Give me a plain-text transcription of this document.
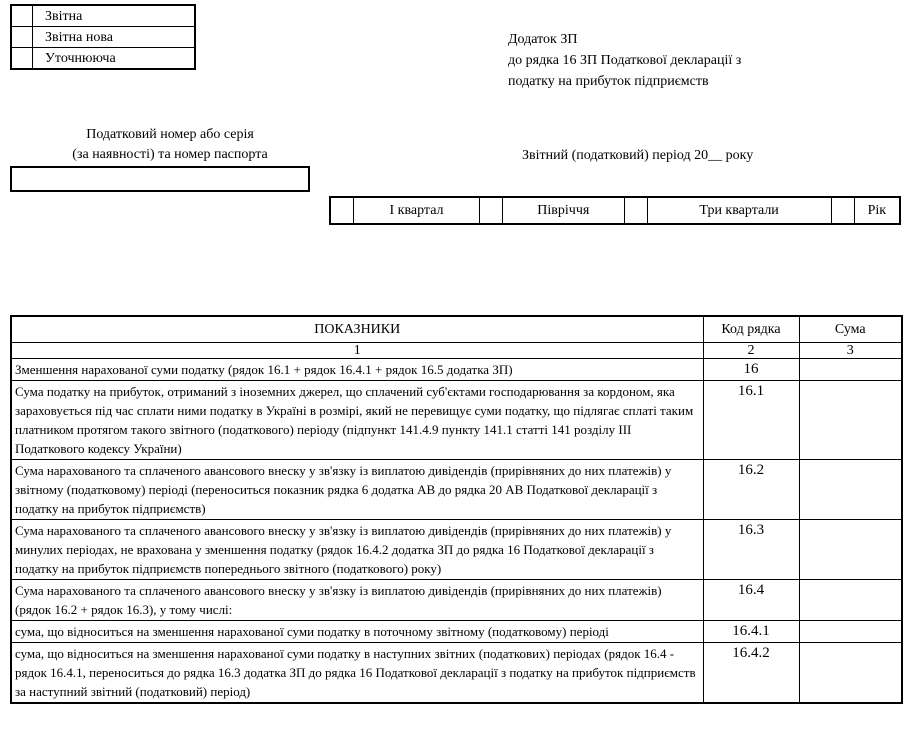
	Звітна
	Звітна нова
	Уточнююча
Додаток ЗП
до рядка 16 ЗП Податкової декларації з
податку на прибуток підприємств
Податковий номер або серія
(за наявності) та номер паспорта	Звітний (податковий) період 20__ року
	I квартал		Півріччя		Три квартали		Рік
ПОКАЗНИКИ	Код рядка	Сума
1	2	3
Зменшення нарахованої суми податку (рядок 16.1 + рядок 16.4.1 + рядок 16.5 додатка ЗП)	16	
Сума податку на прибуток, отриманий з іноземних джерел, що сплачений суб'єктами господарювання за кордоном, яка зараховується під час сплати ними податку в Україні в розмірі, який не перевищує суми податку, що підлягає сплаті таким платником протягом такого звітного (податкового) періоду (підпункт 141.4.9 пункту 141.1 статті 141 розділу III Податкового кодексу України)	16.1	
Сума нарахованого та сплаченого авансового внеску у зв'язку із виплатою дивідендів (прирівняних до них платежів) у звітному (податковому) періоді (переноситься показник рядка 6 додатка АВ до рядка 20 АВ Податкової декларації з податку на прибуток підприємств)	16.2	
Сума нарахованого та сплаченого авансового внеску у зв'язку із виплатою дивідендів (прирівняних до них платежів) у минулих періодах, не врахована у зменшення податку (рядок 16.4.2 додатка ЗП до рядка 16 Податкової декларації з податку на прибуток підприємств попереднього звітного (податкового) року)	16.3	
Сума нарахованого та сплаченого авансового внеску у зв'язку із виплатою дивідендів (прирівняних до них платежів) (рядок 16.2 + рядок 16.3), у тому числі:	16.4	
сума, що відноситься на зменшення нарахованої суми податку в поточному звітному (податковому) періоді	16.4.1	
сума, що відноситься на зменшення нарахованої суми податку в наступних звітних (податкових) періодах (рядок 16.4 - рядок 16.4.1, переноситься до рядка 16.3 додатка ЗП до рядка 16 Податкової декларації з податку на прибуток підприємств за наступний звітний (податковий) період)	16.4.2	
